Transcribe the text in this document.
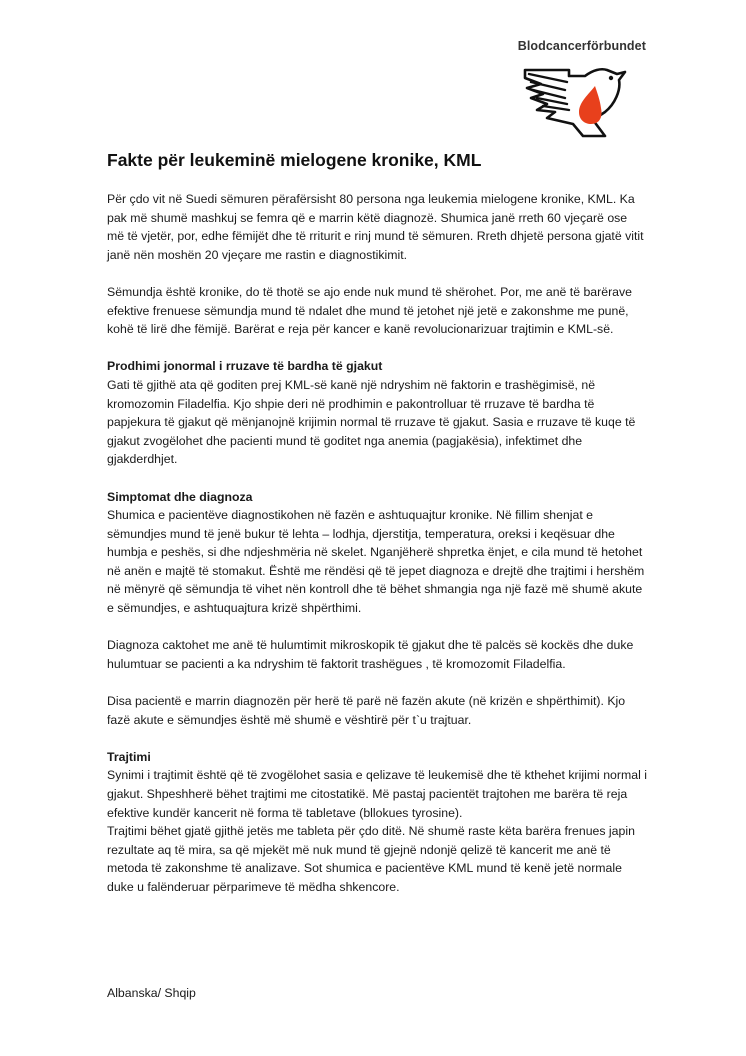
Blodcancerförbundet
Fakte për leukeminë mielogene kronike, KML

Për çdo vit në Suedi sëmuren përafërsisht 80 persona nga leukemia mielogene kronike, KML. Ka pak më shumë mashkuj se femra që e marrin këtë diagnozë. Shumica janë rreth 60 vjeçarë ose më të vjetër, por, edhe fëmijët dhe të rriturit e rinj mund të sëmuren. Rreth dhjetë persona gjatë vitit janë nën moshën 20 vjeçare me rastin e diagnostikimit.

Sëmundja është kronike, do të thotë se ajo ende nuk mund të shërohet. Por, me anë të barërave efektive frenuese sëmundja mund të ndalet dhe mund të jetohet një jetë e zakonshme me punë, kohë të lirë dhe fëmijë. Barërat e reja për kancer e kanë revolucionarizuar trajtimin e KML-së.

Prodhimi jonormal i rruzave të bardha të gjakut

Gati të gjithë ata që goditen prej KML-së kanë një ndryshim në faktorin e trashëgimisë, në kromozomin Filadelfia. Kjo shpie deri në prodhimin e pakontrolluar të rruzave të bardha të papjekura të gjakut që mënjanojnë krijimin normal të rruzave të gjakut. Sasia e rruzave të kuqe të gjakut zvogëlohet dhe pacienti mund të goditet nga anemia (pagjakësia), infektimet dhe gjakderdhjet.

Simptomat dhe diagnoza

Shumica e pacientëve diagnostikohen në fazën e ashtuquajtur kronike. Në fillim shenjat e sëmundjes mund të jenë bukur të lehta – lodhja, djerstitja, temperatura, oreksi i keqësuar dhe humbja e peshës, si dhe ndjeshmëria në skelet. Nganjëherë shpretka ënjet, e cila mund të hetohet në anën e majtë të stomakut. Është me rëndësi që të jepet diagnoza e drejtë dhe trajtimi i hershëm në mënyrë që sëmundja të vihet nën kontroll dhe të bëhet shmangia nga një fazë më shumë akute e sëmundjes, e ashtuquajtura krizë shpërthimi.

Diagnoza caktohet me anë të hulumtimit mikroskopik të gjakut dhe të palcës së kockës dhe duke hulumtuar se pacienti a ka ndryshim të faktorit trashëgues , të kromozomit Filadelfia.

Disa pacientë e marrin diagnozën për herë të parë në fazën akute (në krizën e shpërthimit). Kjo fazë akute e sëmundjes është më shumë e vështirë për t`u trajtuar.

Trajtimi

Synimi i trajtimit është që të zvogëlohet sasia e qelizave të leukemisë dhe të kthehet krijimi normal i gjakut. Shpeshherë bëhet trajtimi me citostatikë. Më pastaj pacientët trajtohen me barëra të reja efektive kundër kancerit në forma të tabletave (bllokues tyrosine).

Trajtimi bëhet gjatë gjithë jetës me tableta për çdo ditë. Në shumë raste këta barëra frenues japin rezultate aq të mira, sa që mjekët më nuk mund të gjejnë ndonjë qelizë të kancerit me anë të metoda të zakonshme të analizave. Sot shumica e pacientëve KML mund të kenë jetë normale duke u falënderuar përparimeve të mëdha shkencore.

Albanska/ Shqip
